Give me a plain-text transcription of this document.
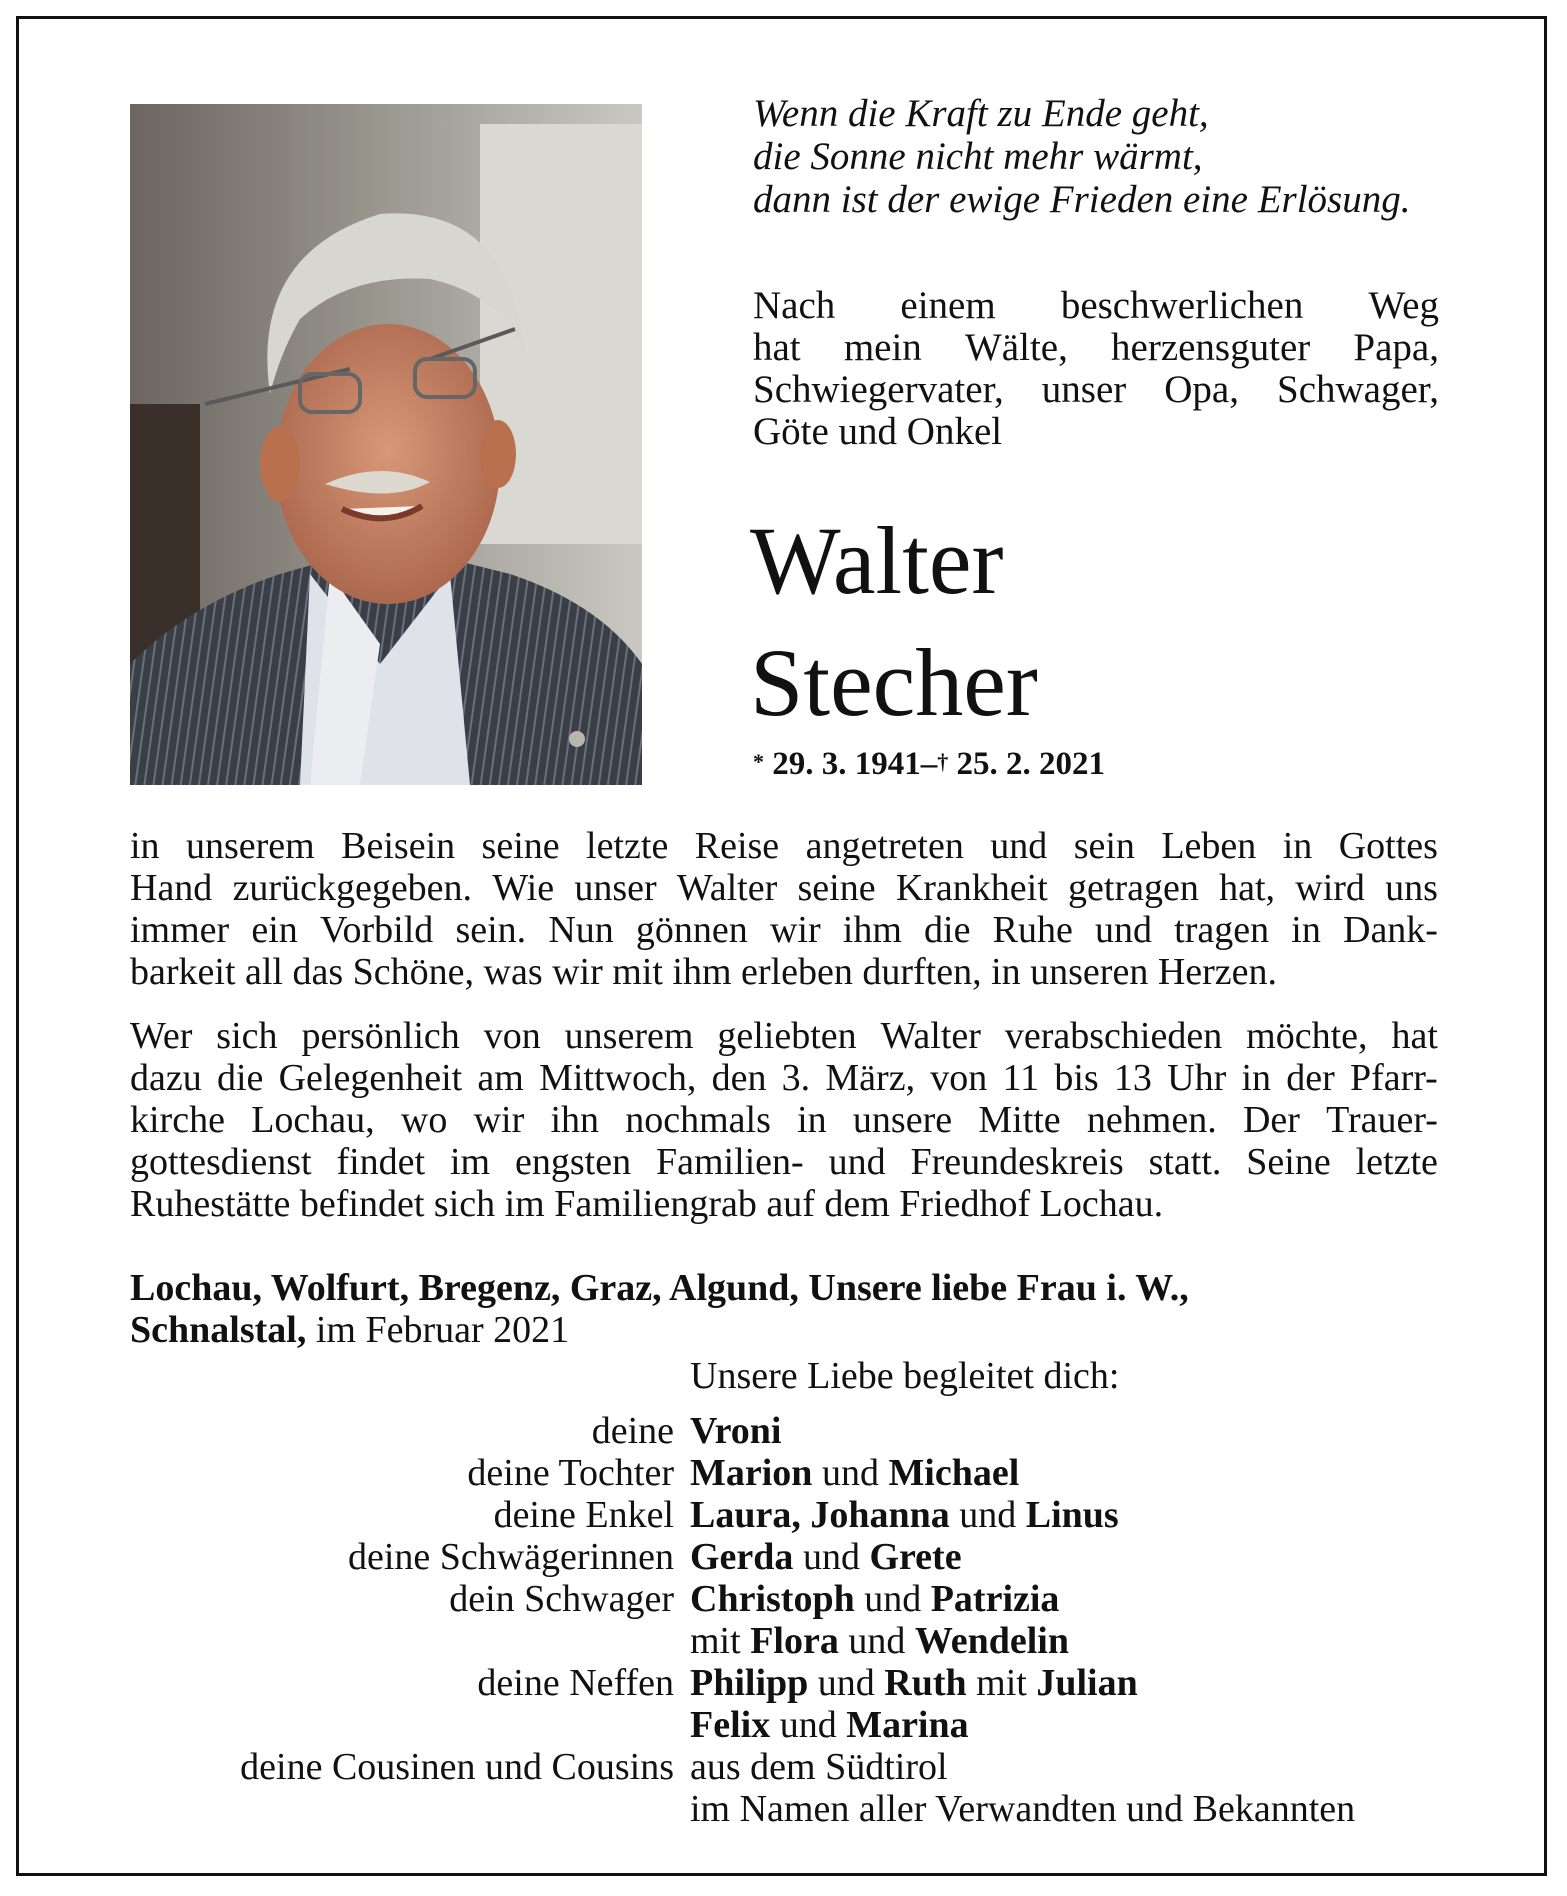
Wenn die Kraft zu Ende geht,
die Sonne nicht mehr wärmt,
dann ist der ewige Frieden eine Erlösung.
Nach einem beschwerlichen Weg
hat mein Wälte, herzensguter Papa,
Schwiegervater, unser Opa, Schwager,
Göte und Onkel
Walter
Stecher
* 29. 3. 1941–† 25. 2. 2021
in unserem Beisein seine letzte Reise angetreten und sein Leben in Gottes
Hand zurückgegeben. Wie unser Walter seine Krankheit getragen hat, wird uns
immer ein Vorbild sein. Nun gönnen wir ihm die Ruhe und tragen in Dank-
barkeit all das Schöne, was wir mit ihm erleben durften, in unseren Herzen.
Wer sich persönlich von unserem geliebten Walter verabschieden möchte, hat
dazu die Gelegenheit am Mittwoch, den 3. März, von 11 bis 13 Uhr in der Pfarr-
kirche Lochau, wo wir ihn nochmals in unsere Mitte nehmen. Der Trauer-
gottesdienst findet im engsten Familien- und Freundeskreis statt. Seine letzte
Ruhestätte befindet sich im Familiengrab auf dem Friedhof Lochau.
Lochau, Wolfurt, Bregenz, Graz, Algund, Unsere liebe Frau i. W.,
Schnalstal, im Februar 2021
Unsere Liebe begleitet dich:
deine Vroni
deine Tochter Marion und Michael
deine Enkel Laura, Johanna und Linus
deine Schwägerinnen Gerda und Grete
dein Schwager Christoph und Patrizia
mit Flora und Wendelin
deine Neffen Philipp und Ruth mit Julian
Felix und Marina
deine Cousinen und Cousins aus dem Südtirol
im Namen aller Verwandten und Bekannten
